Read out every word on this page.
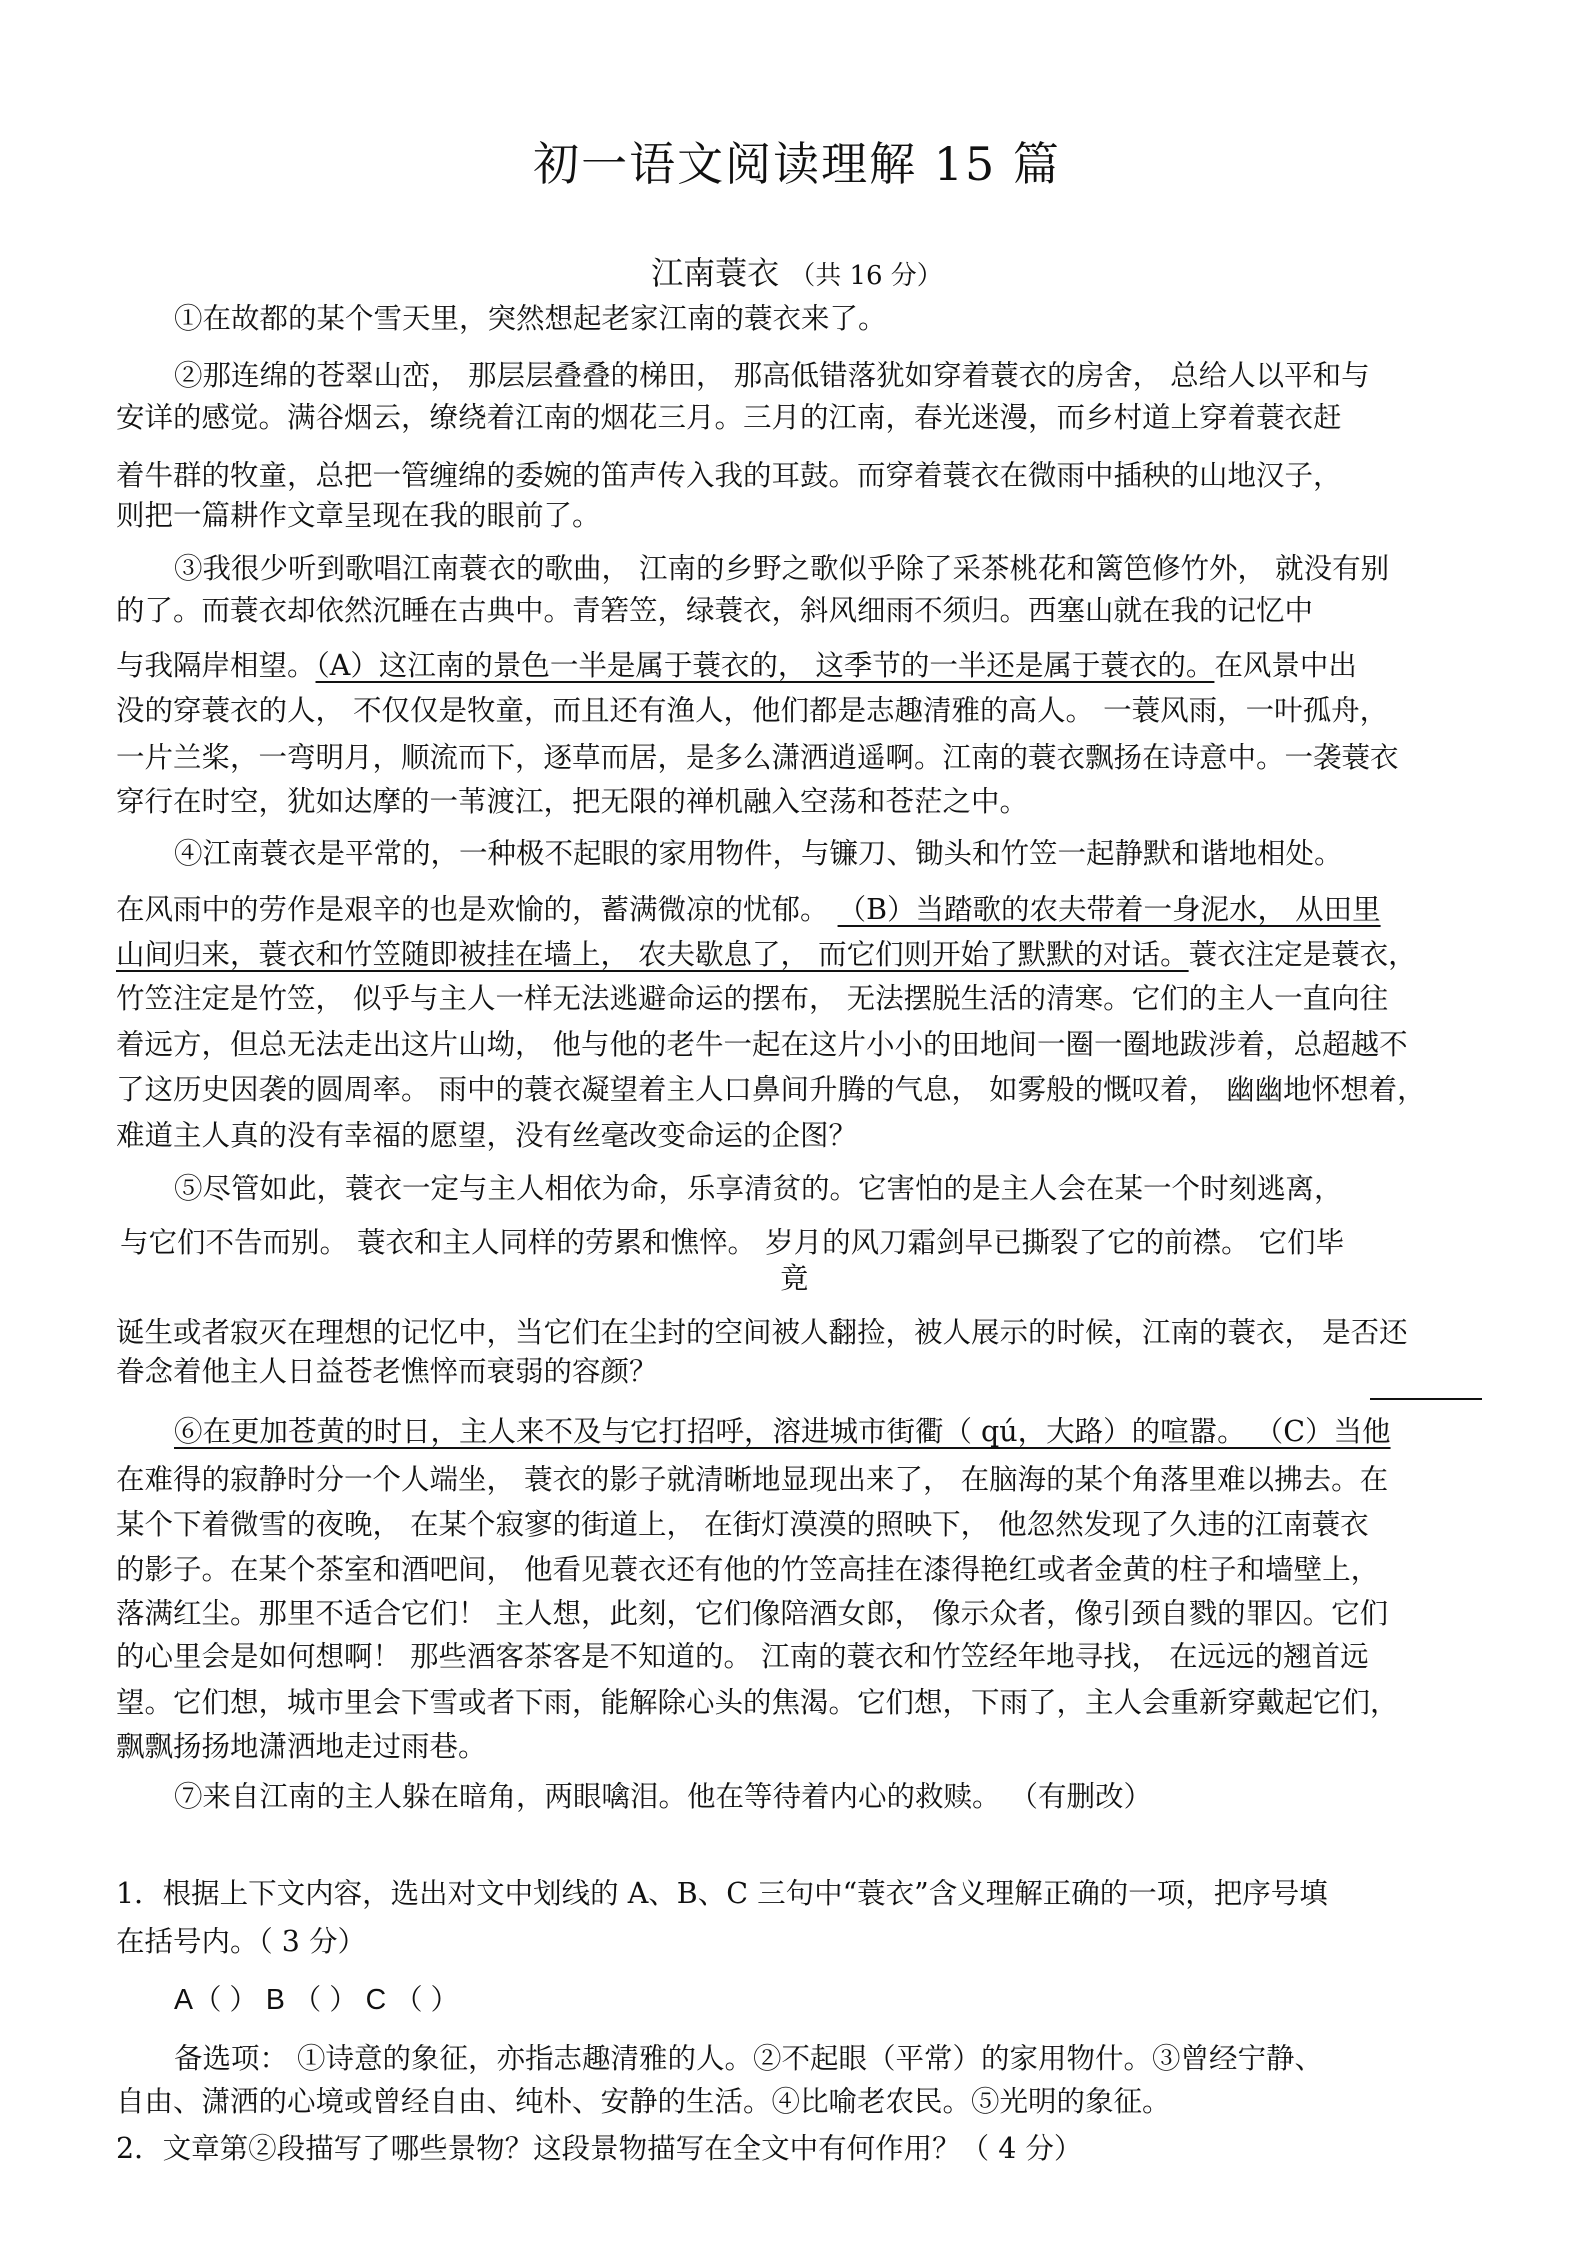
初一语文阅读理解 15 篇
江南蓑衣 （共 16 分）
①在故都的某个雪天里，突然想起老家江南的蓑衣来了。
②那连绵的苍翠山峦， 那层层叠叠的梯田， 那高低错落犹如穿着蓑衣的房舍， 总给人以平和与
安详的感觉。满谷烟云，缭绕着江南的烟花三月。三月的江南，春光迷漫，而乡村道上穿着蓑衣赶
着牛群的牧童，总把一管缠绵的委婉的笛声传入我的耳鼓。而穿着蓑衣在微雨中插秧的山地汉子，
则把一篇耕作文章呈现在我的眼前了。
③我很少听到歌唱江南蓑衣的歌曲， 江南的乡野之歌似乎除了采茶桃花和篱笆修竹外， 就没有别
的了。而蓑衣却依然沉睡在古典中。青箬笠，绿蓑衣，斜风细雨不须归。西塞山就在我的记忆中
与我隔岸相望。（A）这江南的景色一半是属于蓑衣的， 这季节的一半还是属于蓑衣的。在风景中出
没的穿蓑衣的人， 不仅仅是牧童，而且还有渔人，他们都是志趣清雅的高人。 一蓑风雨，一叶孤舟，
一片兰桨，一弯明月，顺流而下，逐草而居，是多么潇洒逍遥啊。江南的蓑衣飘扬在诗意中。一袭蓑衣
穿行在时空，犹如达摩的一苇渡江，把无限的禅机融入空荡和苍茫之中。
④江南蓑衣是平常的，一种极不起眼的家用物件，与镰刀、锄头和竹笠一起静默和谐地相处。
在风雨中的劳作是艰辛的也是欢愉的，蓄满微凉的忧郁。 （B）当踏歌的农夫带着一身泥水， 从田里
山间归来，蓑衣和竹笠随即被挂在墙上， 农夫歇息了， 而它们则开始了默默的对话。蓑衣注定是蓑衣，
竹笠注定是竹笠， 似乎与主人一样无法逃避命运的摆布， 无法摆脱生活的清寒。它们的主人一直向往
着远方，但总无法走出这片山坳， 他与他的老牛一起在这片小小的田地间一圈一圈地跋涉着，总超越不
了这历史因袭的圆周率。 雨中的蓑衣凝望着主人口鼻间升腾的气息， 如雾般的慨叹着， 幽幽地怀想着，
难道主人真的没有幸福的愿望，没有丝毫改变命运的企图？
⑤尽管如此，蓑衣一定与主人相依为命，乐享清贫的。它害怕的是主人会在某一个时刻逃离，
与它们不告而别。 蓑衣和主人同样的劳累和憔悴。 岁月的风刀霜剑早已撕裂了它的前襟。 它们毕
竟
诞生或者寂灭在理想的记忆中，当它们在尘封的空间被人翻捡，被人展示的时候，江南的蓑衣， 是否还
眷念着他主人日益苍老憔悴而衰弱的容颜？
⑥在更加苍黄的时日，主人来不及与它打招呼，溶进城市街衢（ qú，大路）的喧嚣。 （C）当他
在难得的寂静时分一个人端坐， 蓑衣的影子就清晰地显现出来了， 在脑海的某个角落里难以拂去。在
某个下着微雪的夜晚， 在某个寂寥的街道上， 在街灯漠漠的照映下， 他忽然发现了久违的江南蓑衣
的影子。在某个茶室和酒吧间， 他看见蓑衣还有他的竹笠高挂在漆得艳红或者金黄的柱子和墙壁上，
落满红尘。那里不适合它们！ 主人想，此刻，它们像陪酒女郎， 像示众者，像引颈自戮的罪囚。它们
的心里会是如何想啊！ 那些酒客茶客是不知道的。 江南的蓑衣和竹笠经年地寻找， 在远远的翘首远
望。它们想，城市里会下雪或者下雨，能解除心头的焦渴。它们想，下雨了，主人会重新穿戴起它们，
飘飘扬扬地潇洒地走过雨巷。
⑦来自江南的主人躲在暗角，两眼噙泪。他在等待着内心的救赎。 （有删改）
1．根据上下文内容，选出对文中划线的 A、B、C 三句中“蓑衣”含义理解正确的一项，把序号填
在括号内。（ 3 分）
A（ ） B （ ） C （ ）
备选项： ①诗意的象征，亦指志趣清雅的人。②不起眼（平常）的家用物什。③曾经宁静、
自由、潇洒的心境或曾经自由、纯朴、安静的生活。④比喻老农民。⑤光明的象征。
2．文章第②段描写了哪些景物？这段景物描写在全文中有何作用？（ 4 分）
